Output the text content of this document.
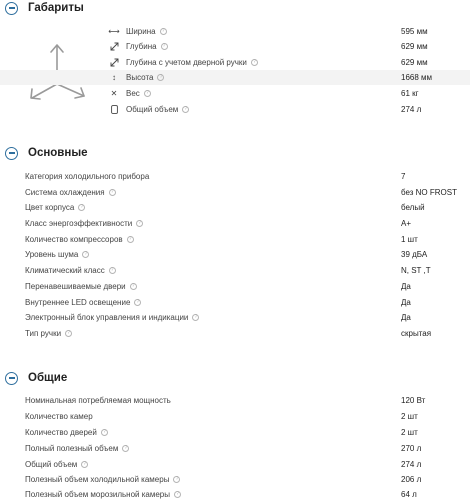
Габариты
⟷ Ширина	?	595 мм
Глубина	?	629 мм
Глубина с учетом дверной ручки	?	629 мм
↕	Высота	?	1668 мм
✕	Вес	?	61 кг
Общий объем	?	274 л
Основные
Категория холодильного прибора	7
Система охлаждения	?	без NO FROST
Цвет корпуса	?	белый
Класс энергоэффективности	?	A+
Количество компрессоров	?	1 шт
Уровень шума	?	39 дБА
Климатический класс	?	N, ST ,T
Перенавешиваемые двери	?	Да
Внутреннее LED освещение	?	Да
Электронный блок управления и индикации	?	Да
Тип ручки	?	скрытая
Общие
Номинальная потребляемая мощность	120 Вт
Количество камер	2 шт
Количество дверей	?	2 шт
Полный полезный объем	?	270 л
Общий объем	?	274 л
Полезный объем холодильной камеры	?	206 л
Полезный объем морозильной камеры	?	64 л
